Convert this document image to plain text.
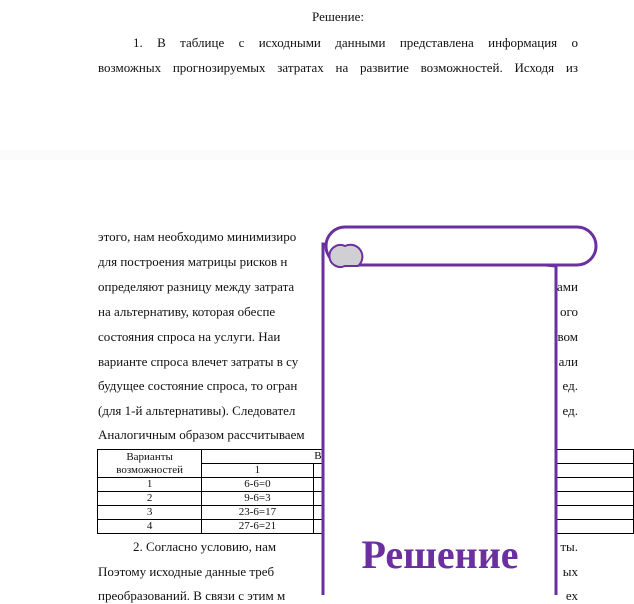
Решение:
1. В таблице с исходными данными представлена информация о
возможных прогнозируемых затратах на развитие возможностей. Исходя из
этого, нам необходимо минимизиро
для построения матрицы рисков н
определяют разницу между затрата
на альтернативу, которая обеспе
состояния спроса на услуги. Наи
варианте спроса влечет затраты в су
будущее состояние спроса, то огран
(для 1-й альтернативы). Следовател
Аналогичным образом рассчитываем
ами
ого
вом
али
ед.
ед.
Варианты
возможностей	В			
	1			
1	6-6=0			
2	9-6=3			
3	23-6=17			
4	27-6=21			
2. Согласно условию, нам
Поэтому исходные данные треб
преобразований. В связи с этим м
ты.
ых
ех
Решение
